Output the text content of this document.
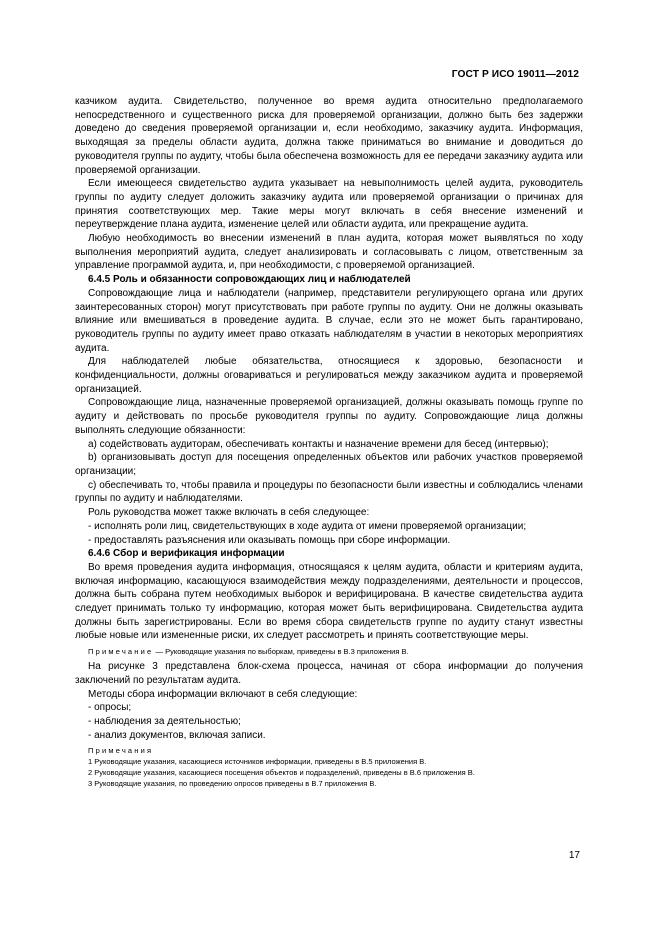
ГОСТ Р ИСО 19011—2012

казчиком аудита. Свидетельство, полученное во время аудита относительно предполагаемого непосредственного и существенного риска для проверяемой организации, должно быть без задержки доведено до сведения проверяемой организации и, если необходимо, заказчику аудита. Информация, выходящая за пределы области аудита, должна также приниматься во внимание и доводиться до руководителя группы по аудиту, чтобы была обеспечена возможность для ее передачи заказчику аудита или проверяемой организации.

Если имеющееся свидетельство аудита указывает на невыполнимость целей аудита, руководитель группы по аудиту следует доложить заказчику аудита или проверяемой организации о причинах для принятия соответствующих мер. Такие меры могут включать в себя внесение изменений и переутверждение плана аудита, изменение целей или области аудита, или прекращение аудита.

Любую необходимость во внесении изменений в план аудита, которая может выявляться по ходу выполнения мероприятий аудита, следует анализировать и согласовывать с лицом, ответственным за управление программой аудита, и, при необходимости, с проверяемой организацией.

6.4.5 Роль и обязанности сопровождающих лиц и наблюдателей

Сопровождающие лица и наблюдатели (например, представители регулирующего органа или других заинтересованных сторон) могут присутствовать при работе группы по аудиту. Они не должны оказывать влияние или вмешиваться в проведение аудита. В случае, если это не может быть гарантировано, руководитель группы по аудиту имеет право отказать наблюдателям в участии в некоторых мероприятиях аудита.

Для наблюдателей любые обязательства, относящиеся к здоровью, безопасности и конфиденциальности, должны оговариваться и регулироваться между заказчиком аудита и проверяемой организацией.

Сопровождающие лица, назначенные проверяемой организацией, должны оказывать помощь группе по аудиту и действовать по просьбе руководителя группы по аудиту. Сопровождающие лица должны выполнять следующие обязанности:

а) содействовать аудиторам, обеспечивать контакты и назначение времени для бесед (интервью);

b) организовывать доступ для посещения определенных объектов или рабочих участков проверяемой организации;

с) обеспечивать то, чтобы правила и процедуры по безопасности были известны и соблюдались членами группы по аудиту и наблюдателями.

Роль руководства может также включать в себя следующее:

- исполнять роли лиц, свидетельствующих в ходе аудита от имени проверяемой организации;

- предоставлять разъяснения или оказывать помощь при сборе информации.

6.4.6 Сбор и верификация информации

Во время проведения аудита информация, относящаяся к целям аудита, области и критериям аудита, включая информацию, касающуюся взаимодействия между подразделениями, деятельности и процессов, должна быть собрана путем необходимых выборок и верифицирована. В качестве свидетельства аудита следует принимать только ту информацию, которая может быть верифицирована. Свидетельства аудита должны быть зарегистрированы. Если во время сбора свидетельств группе по аудиту станут известны любые новые или измененные риски, их следует рассмотреть и принять соответствующие меры.

Примечание — Руководящие указания по выборкам, приведены в В.3 приложения В.

На рисунке 3 представлена блок-схема процесса, начиная от сбора информации до получения заключений по результатам аудита.

Методы сбора информации включают в себя следующие:

- опросы;

- наблюдения за деятельностью;

- анализ документов, включая записи.

Примечания

1 Руководящие указания, касающиеся источников информации, приведены в В.5 приложения В.

2 Руководящие указания, касающиеся посещения объектов и подразделений, приведены в В.6 приложения В.

3 Руководящие указания, по проведению опросов приведены в В.7 приложения В.

17
